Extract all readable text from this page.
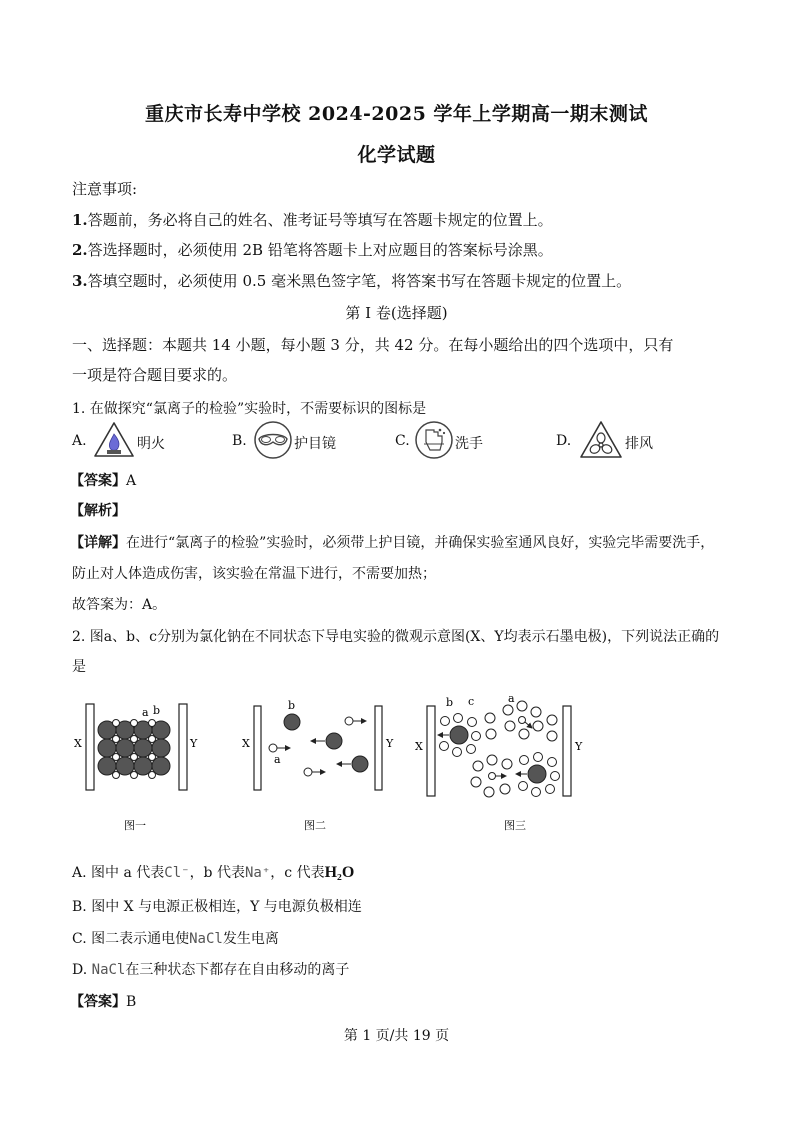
重庆市长寿中学校 2024-2025 学年上学期高一期末测试
化学试题
注意事项:
1.答题前，务必将自己的姓名、准考证号等填写在答题卡规定的位置上。
2.答选择题时，必须使用 2B 铅笔将答题卡上对应题目的答案标号涂黑。
3.答填空题时，必须使用 0.5 毫米黑色签字笔，将答案书写在答题卡规定的位置上。
第 I 卷(选择题)
一、选择题：本题共 14 小题，每小题 3 分，共 42 分。在每小题给出的四个选项中，只有
一项是符合题目要求的。
1. 在做探究“氯离子的检验”实验时，不需要标识的图标是
A.	明火	B.	护目镜	C.	洗手	D.	排风
【答案】A
【解析】
【详解】在进行“氯离子的检验”实验时，必须带上护目镜，并确保实验室通风良好，实验完毕需要洗手，
防止对人体造成伤害，该实验在常温下进行，不需要加热；
故答案为：A。
2. 图a、b、c分别为氯化钠在不同状态下导电实验的微观示意图(X、Y均表示石墨电极)，下列说法正确的
是
X	Y
a b
图一
X	Y
b
a
图二
X	Y
b c	a
图三
A. 图中 a 代表Cl⁻，b 代表Na⁺，c 代表H₂O
B. 图中 X 与电源正极相连，Y 与电源负极相连
C. 图二表示通电使NaCl发生电离
D. NaCl在三种状态下都存在自由移动的离子
【答案】B
第 1 页/共 19 页
